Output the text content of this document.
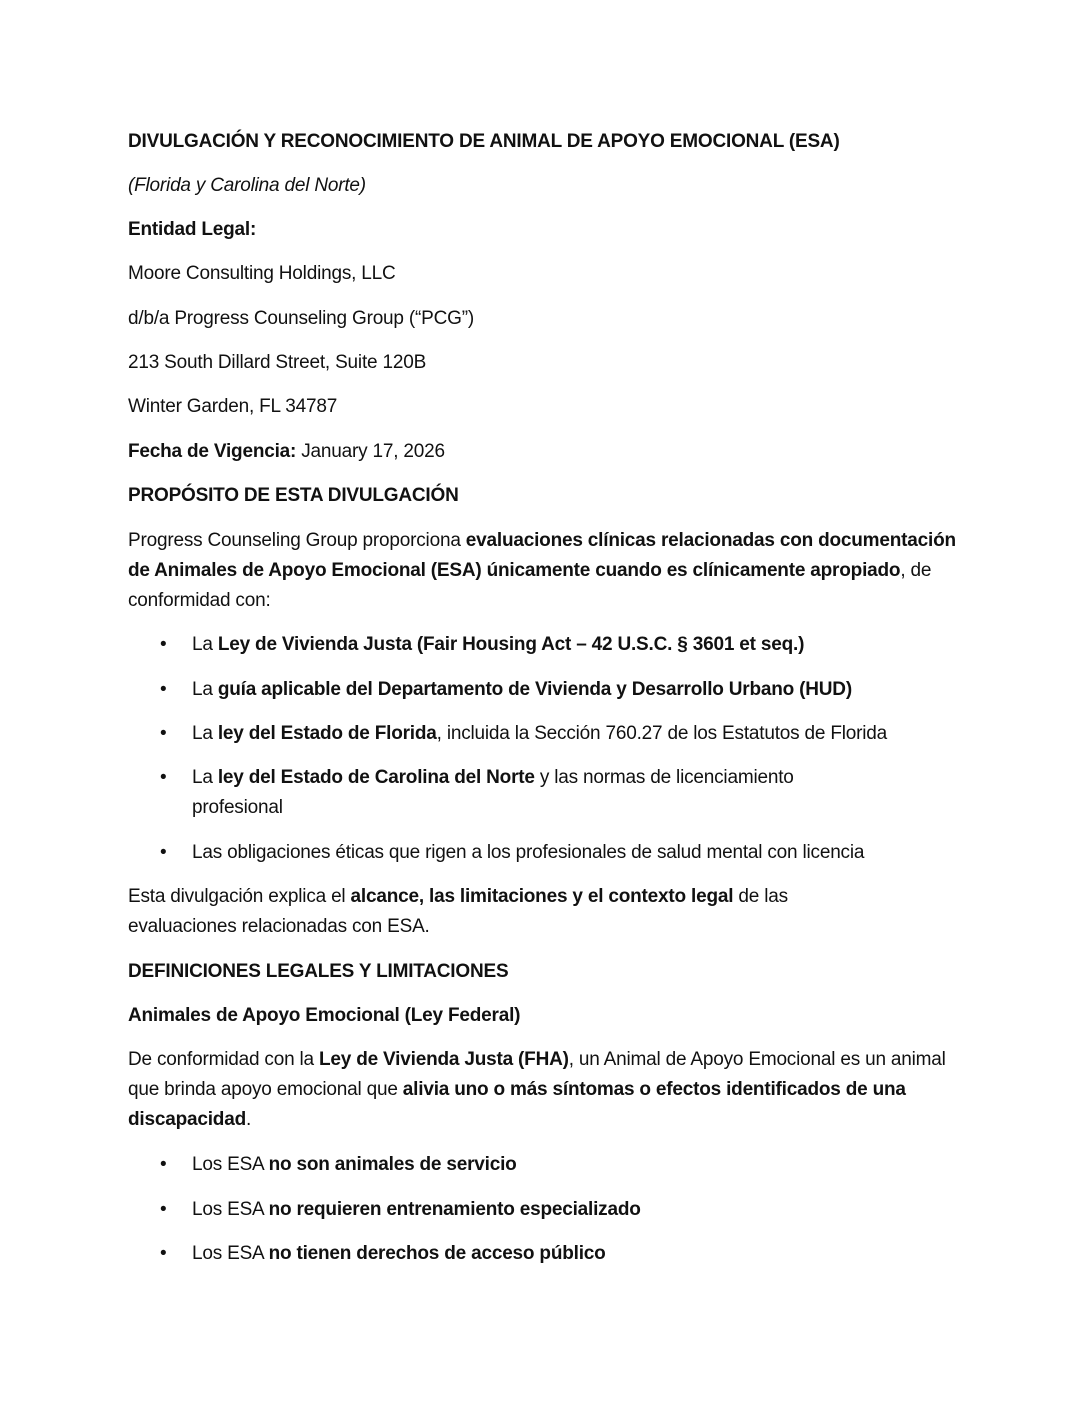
DIVULGACIÓN Y RECONOCIMIENTO DE ANIMAL DE APOYO EMOCIONAL (ESA)
(Florida y Carolina del Norte)
Entidad Legal:
Moore Consulting Holdings, LLC
d/b/a Progress Counseling Group (“PCG”)
213 South Dillard Street, Suite 120B
Winter Garden, FL 34787
Fecha de Vigencia: January 17, 2026
PROPÓSITO DE ESTA DIVULGACIÓN
Progress Counseling Group proporciona evaluaciones clínicas relacionadas con documentación de Animales de Apoyo Emocional (ESA) únicamente cuando es clínicamente apropiado, de conformidad con:
• La Ley de Vivienda Justa (Fair Housing Act – 42 U.S.C. § 3601 et seq.)
• La guía aplicable del Departamento de Vivienda y Desarrollo Urbano (HUD)
• La ley del Estado de Florida, incluida la Sección 760.27 de los Estatutos de Florida
• La ley del Estado de Carolina del Norte y las normas de licenciamiento profesional
• Las obligaciones éticas que rigen a los profesionales de salud mental con licencia
Esta divulgación explica el alcance, las limitaciones y el contexto legal de las evaluaciones relacionadas con ESA.
DEFINICIONES LEGALES Y LIMITACIONES
Animales de Apoyo Emocional (Ley Federal)
De conformidad con la Ley de Vivienda Justa (FHA), un Animal de Apoyo Emocional es un animal que brinda apoyo emocional que alivia uno o más síntomas o efectos identificados de una discapacidad.
• Los ESA no son animales de servicio
• Los ESA no requieren entrenamiento especializado
• Los ESA no tienen derechos de acceso público
